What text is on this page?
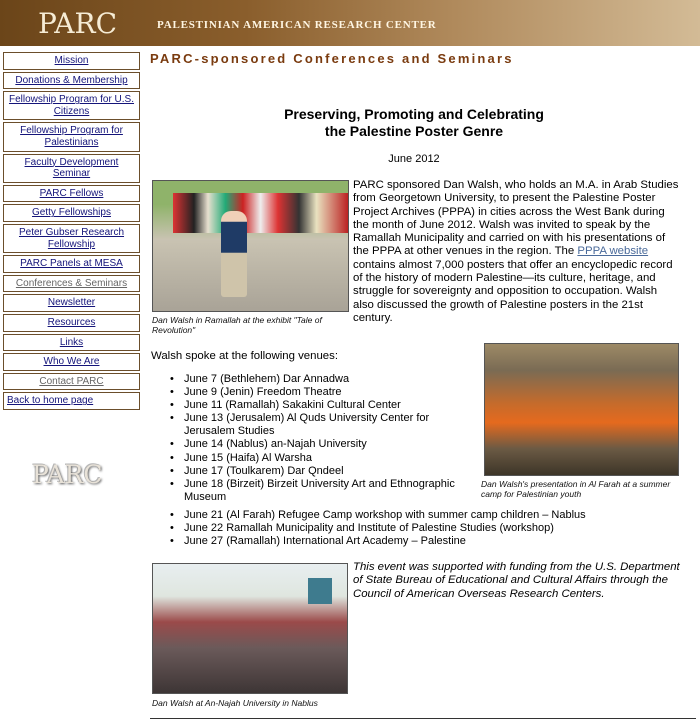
PARC	PALESTINIAN AMERICAN RESEARCH CENTER
Mission
Donations & Membership
Fellowship Program for U.S. Citizens
Fellowship Program for Palestinians
Faculty Development Seminar
PARC Fellows
Getty Fellowships
Peter Gubser Research Fellowship
PARC Panels at MESA
Conferences & Seminars
Newsletter
Resources
Links
Who We Are
Contact PARC
Back to home page
PARC
PARC-sponsored Conferences and Seminars
Preserving, Promoting and Celebrating
the Palestine Poster Genre
June 2012
Dan Walsh in Ramallah at the exhibit "Tale of Revolution"
PARC sponsored Dan Walsh, who holds an M.A. in Arab Studies from Georgetown University, to present the Palestine Poster Project Archives (PPPA) in cities across the West Bank during the month of June 2012. Walsh was invited to speak by the Ramallah Municipality and carried on with his presentations of the PPPA at other venues in the region. The PPPA website contains almost 7,000 posters that offer an encyclopedic record of the history of modern Palestine—its culture, heritage, and struggle for sovereignty and opposition to occupation. Walsh also discussed the growth of Palestine posters in the 21st century.
Walsh spoke at the following venues:
• June 7 (Bethlehem) Dar Annadwa
• June 9 (Jenin) Freedom Theatre
• June 11 (Ramallah) Sakakini Cultural Center
• June 13 (Jerusalem) Al Quds University Center for Jerusalem Studies
• June 14 (Nablus) an-Najah University
• June 15 (Haifa) Al Warsha
• June 17 (Toulkarem) Dar Qndeel
• June 18 (Birzeit) Birzeit University Art and Ethnographic Museum
• June 21 (Al Farah) Refugee Camp workshop with summer camp children – Nablus
• June 22 Ramallah Municipality and Institute of Palestine Studies (workshop)
• June 27 (Ramallah) International Art Academy – Palestine
Dan Walsh's presentation in Al Farah at a summer camp for Palestinian youth
Dan Walsh at An-Najah University in Nablus
This event was supported with funding from the U.S. Department of State Bureau of Educational and Cultural Affairs through the Council of American Overseas Research Centers.
